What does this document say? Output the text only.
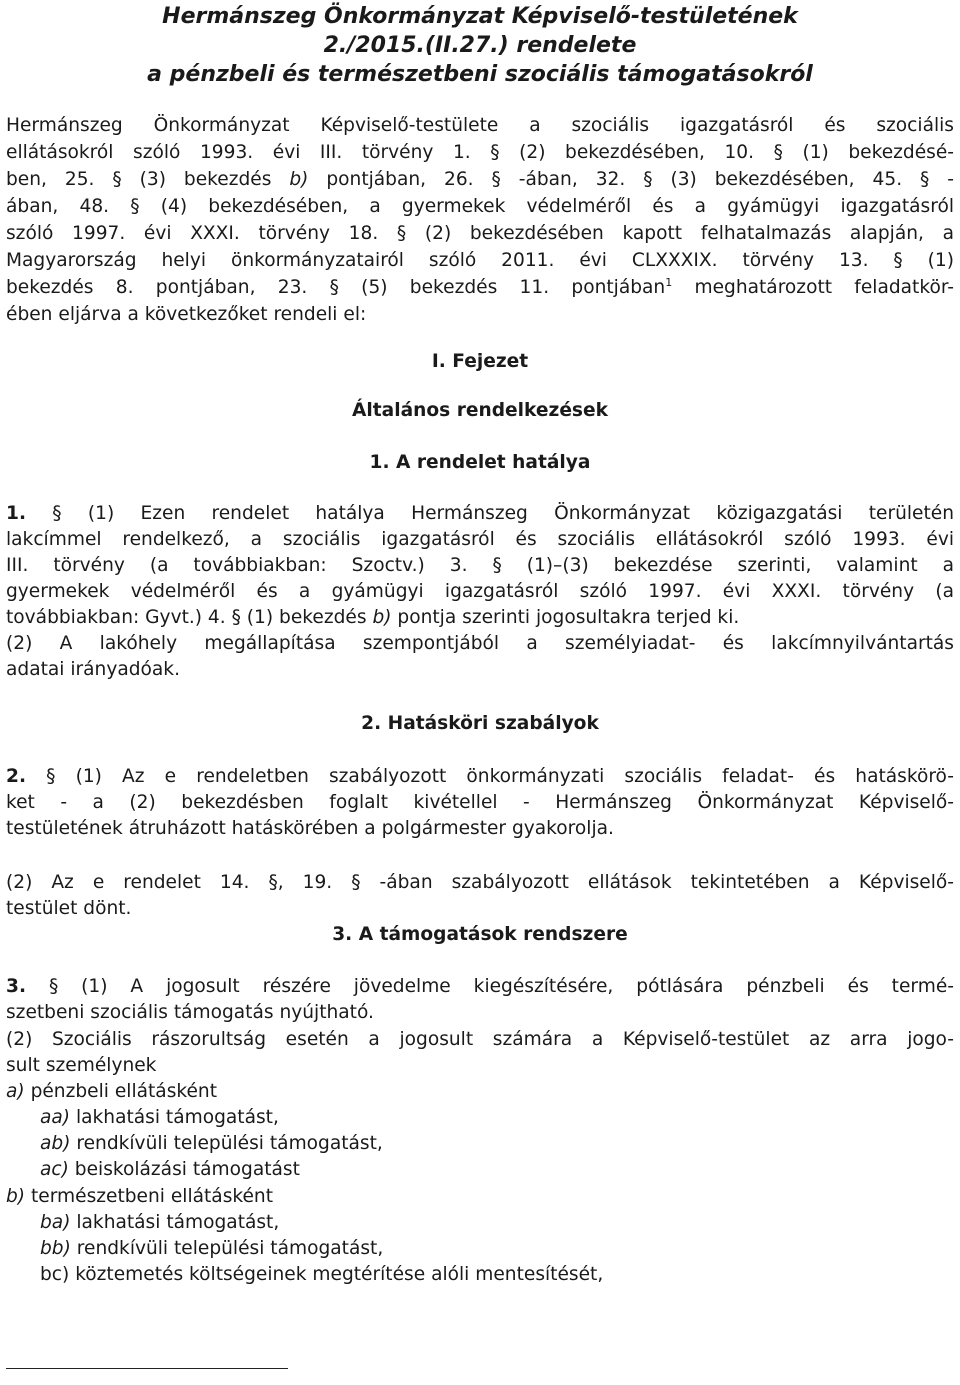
Hermánszeg Önkormányzat Képviselő-testületének
2./2015.(II.27.) rendelete
a pénzbeli és természetbeni szociális támogatásokról
Hermánszeg Önkormányzat Képviselő-testülete a szociális igazgatásról és szociális
ellátásokról szóló 1993. évi III. törvény 1. § (2) bekezdésében, 10. § (1) bekezdésé-
ben, 25. § (3) bekezdés b) pontjában, 26. § -ában, 32. § (3) bekezdésében, 45. § -
ában, 48. § (4) bekezdésében, a gyermekek védelméről és a gyámügyi igazgatásról
szóló 1997. évi XXXI. törvény 18. § (2) bekezdésében kapott felhatalmazás alapján, a
Magyarország helyi önkormányzatairól szóló 2011. évi CLXXXIX. törvény 13. § (1)
bekezdés 8. pontjában, 23. § (5) bekezdés 11. pontjában$^1$ meghatározott feladatkör-
ében eljárva a következőket rendeli el:
I. Fejezet
Általános rendelkezések
1. A rendelet hatálya
1. § (1) Ezen rendelet hatálya Hermánszeg Önkormányzat közigazgatási területén
lakcímmel rendelkező, a szociális igazgatásról és szociális ellátásokról szóló 1993. évi
III. törvény (a továbbiakban: Szoctv.) 3. § (1)–(3) bekezdése szerinti, valamint a
gyermekek védelméről és a gyámügyi igazgatásról szóló 1997. évi XXXI. törvény (a
továbbiakban: Gyvt.) 4. § (1) bekezdés b) pontja szerinti jogosultakra terjed ki.
(2) A lakóhely megállapítása szempontjából a személyiadat- és lakcímnyilvántartás
adatai irányadóak.
2. Hatásköri szabályok
2. § (1) Az e rendeletben szabályozott önkormányzati szociális feladat- és hatáskörö-
ket - a (2) bekezdésben foglalt kivétellel - Hermánszeg Önkormányzat Képviselő-
testületének átruházott hatáskörében a polgármester gyakorolja.
(2) Az e rendelet 14. §, 19. § -ában szabályozott ellátások tekintetében a Képviselő-
testület dönt.
3. A támogatások rendszere
3. § (1) A jogosult részére jövedelme kiegészítésére, pótlására pénzbeli és termé-
szetbeni szociális támogatás nyújtható.
(2) Szociális rászorultság esetén a jogosult számára a Képviselő-testület az arra jogo-
sult személynek
a) pénzbeli ellátásként
aa) lakhatási támogatást,
ab) rendkívüli települési támogatást,
ac) beiskolázási támogatást
b) természetbeni ellátásként
ba) lakhatási támogatást,
bb) rendkívüli települési támogatást,
bc) köztemetés költségeinek megtérítése alóli mentesítését,
